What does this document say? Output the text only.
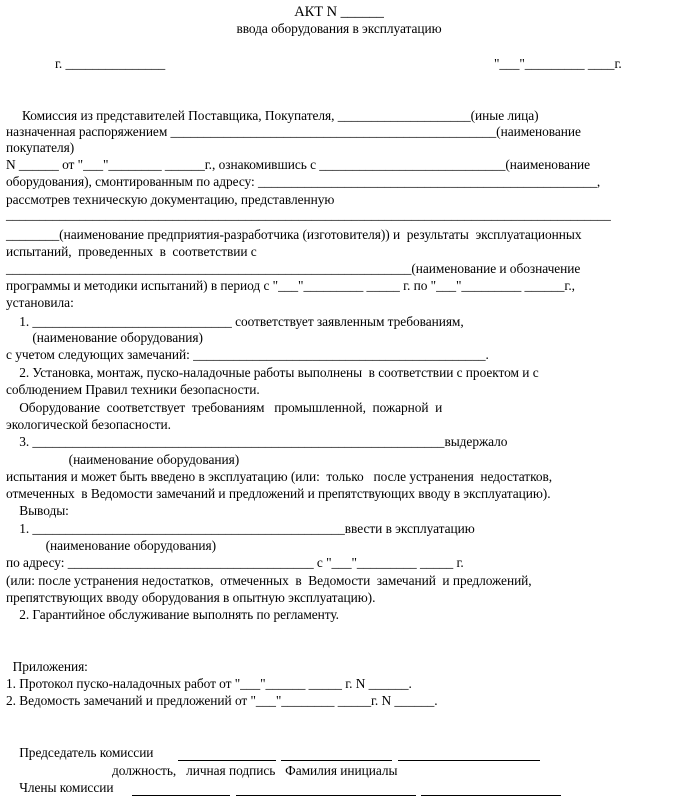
АКТ N ______
ввода оборудования в эксплуатацию
г. _______________	"___"_________ ____г.
Комиссия из представителей Поставщика, Покупателя, ____________________(иные лица)
назначенная распоряжением _________________________________________________(наименование
покупателя)
N ______ от "___"________ ______г., ознакомившись с ____________________________(наименование
оборудования), смонтированным по адресу: ___________________________________________________,
рассмотрев техническую документацию, представленную
___________________________________________________________________________________________
________(наименование предприятия-разработчика (изготовителя)) и  результаты  эксплуатационных
испытаний,  проведенных  в  соответствии с
_____________________________________________________________(наименование и обозначение
программы и методики испытаний) в период с "___"_________ _____ г. по "___"_________ ______г.,
установила:
1. ______________________________ соответствует заявленным требованиям,
(наименование оборудования)
с учетом следующих замечаний: ____________________________________________.
2. Установка, монтаж, пуско-наладочные работы выполнены  в соответствии с проектом и с
соблюдением Правил техники безопасности.
Оборудование  соответствует  требованиям   промышленной,  пожарной  и
экологической безопасности.
3. ______________________________________________________________выдержало
(наименование оборудования)
испытания и может быть введено в эксплуатацию (или:  только   после устранения  недостатков,
отмеченных  в Ведомости замечаний и предложений и препятствующих вводу в эксплуатацию).
Выводы:
1. _______________________________________________ввести в эксплуатацию
(наименование оборудования)
по адресу: _____________________________________ с "___"_________ _____ г.
(или: после устранения недостатков,  отмеченных  в  Ведомости  замечаний  и предложений,
препятствующих вводу оборудования в опытную эксплуатацию).
2. Гарантийное обслуживание выполнять по регламенту.
Приложения:
1. Протокол пуско-наладочных работ от "___"______ _____ г. N ______.
2. Ведомость замечаний и предложений от "___"________ _____г. N ______.
Председатель комиссии
должность,   личная подпись   Фамилия инициалы
Члены комиссии
